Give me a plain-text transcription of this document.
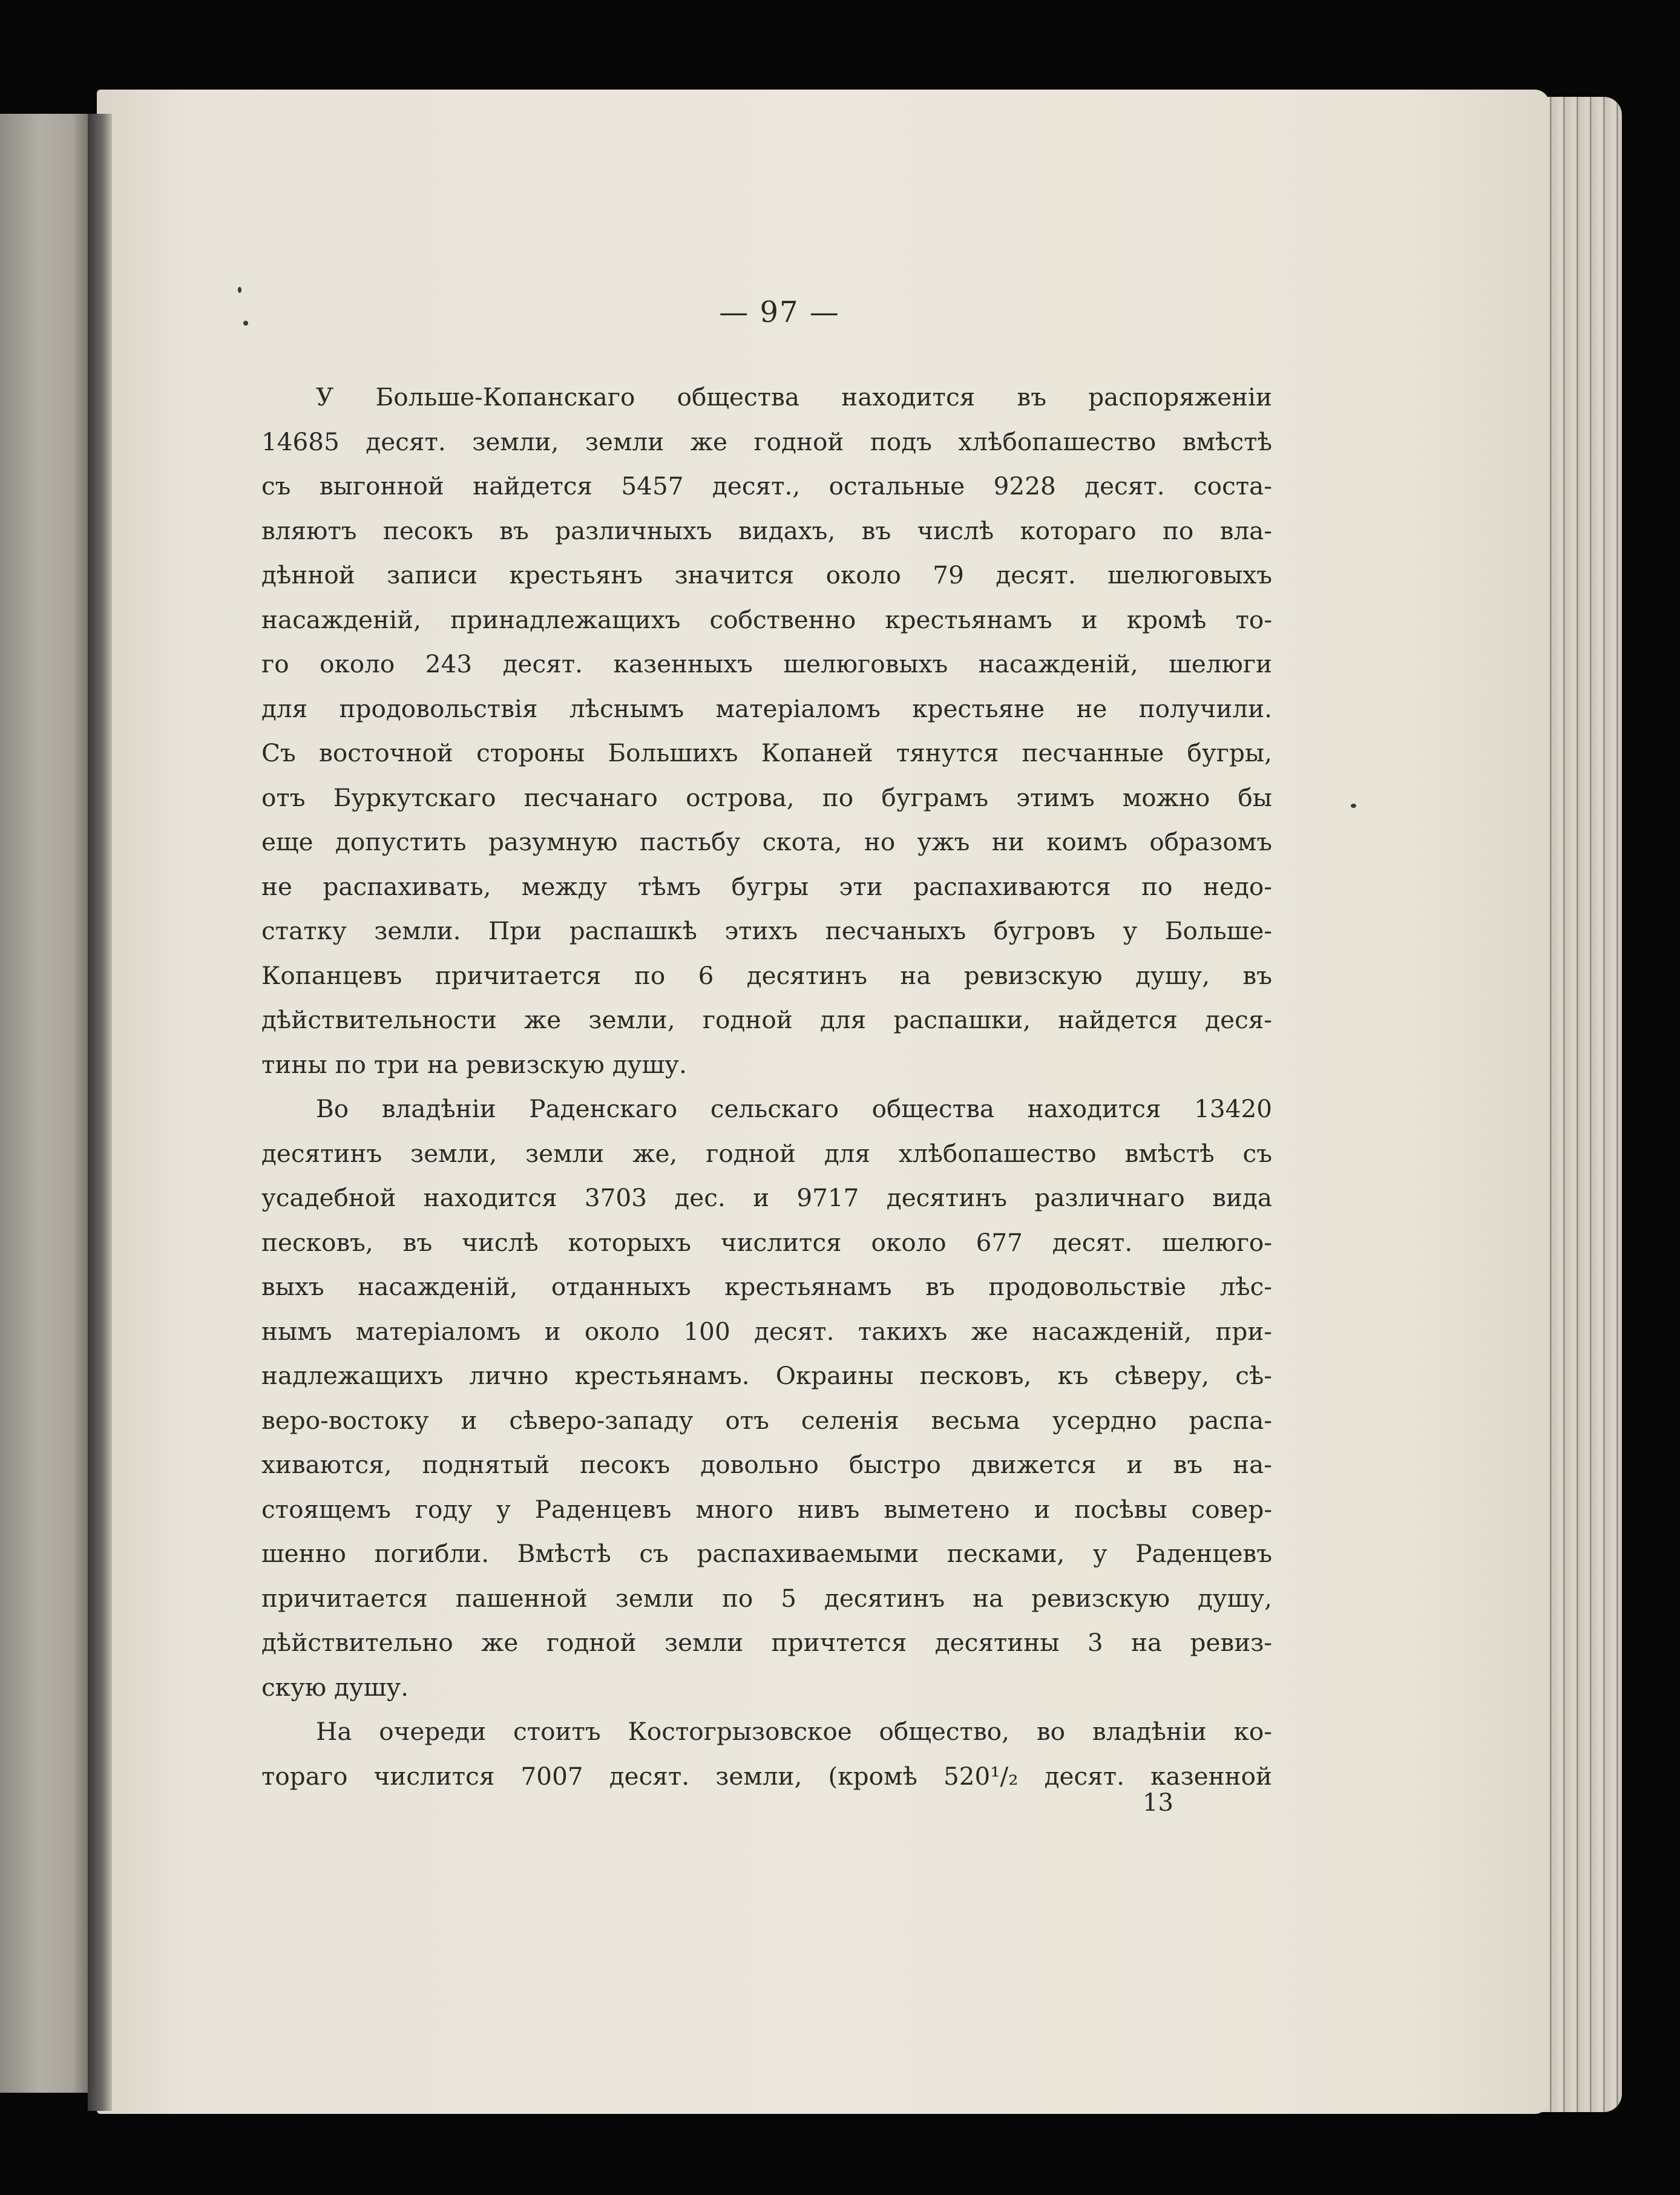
— 97 —
У Больше-Копанскаго общества находится въ распоряженіи
14685 десят. земли, земли же годной подъ хлѣбопашество вмѣстѣ
съ выгонной найдется 5457 десят., остальные 9228 десят. соста-
вляютъ песокъ въ различныхъ видахъ, въ числѣ котораго по вла-
дѣнной записи крестьянъ значится около 79 десят. шелюговыхъ
насажденій, принадлежащихъ собственно крестьянамъ и кромѣ то-
го около 243 десят. казенныхъ шелюговыхъ насажденій, шелюги
для продовольствія лѣснымъ матеріаломъ крестьяне не получили.
Съ восточной стороны Большихъ Копаней тянутся песчанные бугры,
отъ Буркутскаго песчанаго острова, по буграмъ этимъ можно бы
еще допустить разумную пастьбу скота, но ужъ ни коимъ образомъ
не распахивать, между тѣмъ бугры эти распахиваются по недо-
статку земли. При распашкѣ этихъ песчаныхъ бугровъ у Больше-
Копанцевъ причитается по 6 десятинъ на ревизскую душу, въ
дѣйствительности же земли, годной для распашки, найдется деся-
тины по три на ревизскую душу.
Во владѣніи Раденскаго сельскаго общества находится 13420
десятинъ земли, земли же, годной для хлѣбопашество вмѣстѣ съ
усадебной находится 3703 дес. и 9717 десятинъ различнаго вида
песковъ, въ числѣ которыхъ числится около 677 десят. шелюго-
выхъ насажденій, отданныхъ крестьянамъ въ продовольствіе лѣс-
нымъ матеріаломъ и около 100 десят. такихъ же насажденій, при-
надлежащихъ лично крестьянамъ. Окраины песковъ, къ сѣверу, сѣ-
веро-востоку и сѣверо-западу отъ селенія весьма усердно распа-
хиваются, поднятый песокъ довольно быстро движется и въ на-
стоящемъ году у Раденцевъ много нивъ выметено и посѣвы совер-
шенно погибли. Вмѣстѣ съ распахиваемыми песками, у Раденцевъ
причитается пашенной земли по 5 десятинъ на ревизскую душу,
дѣйствительно же годной земли причтется десятины 3 на ревиз-
скую душу.
На очереди стоитъ Костогрызовское общество, во владѣніи ко-
тораго числится 7007 десят. земли, (кромѣ 520¹/₂ десят. казенной
13
